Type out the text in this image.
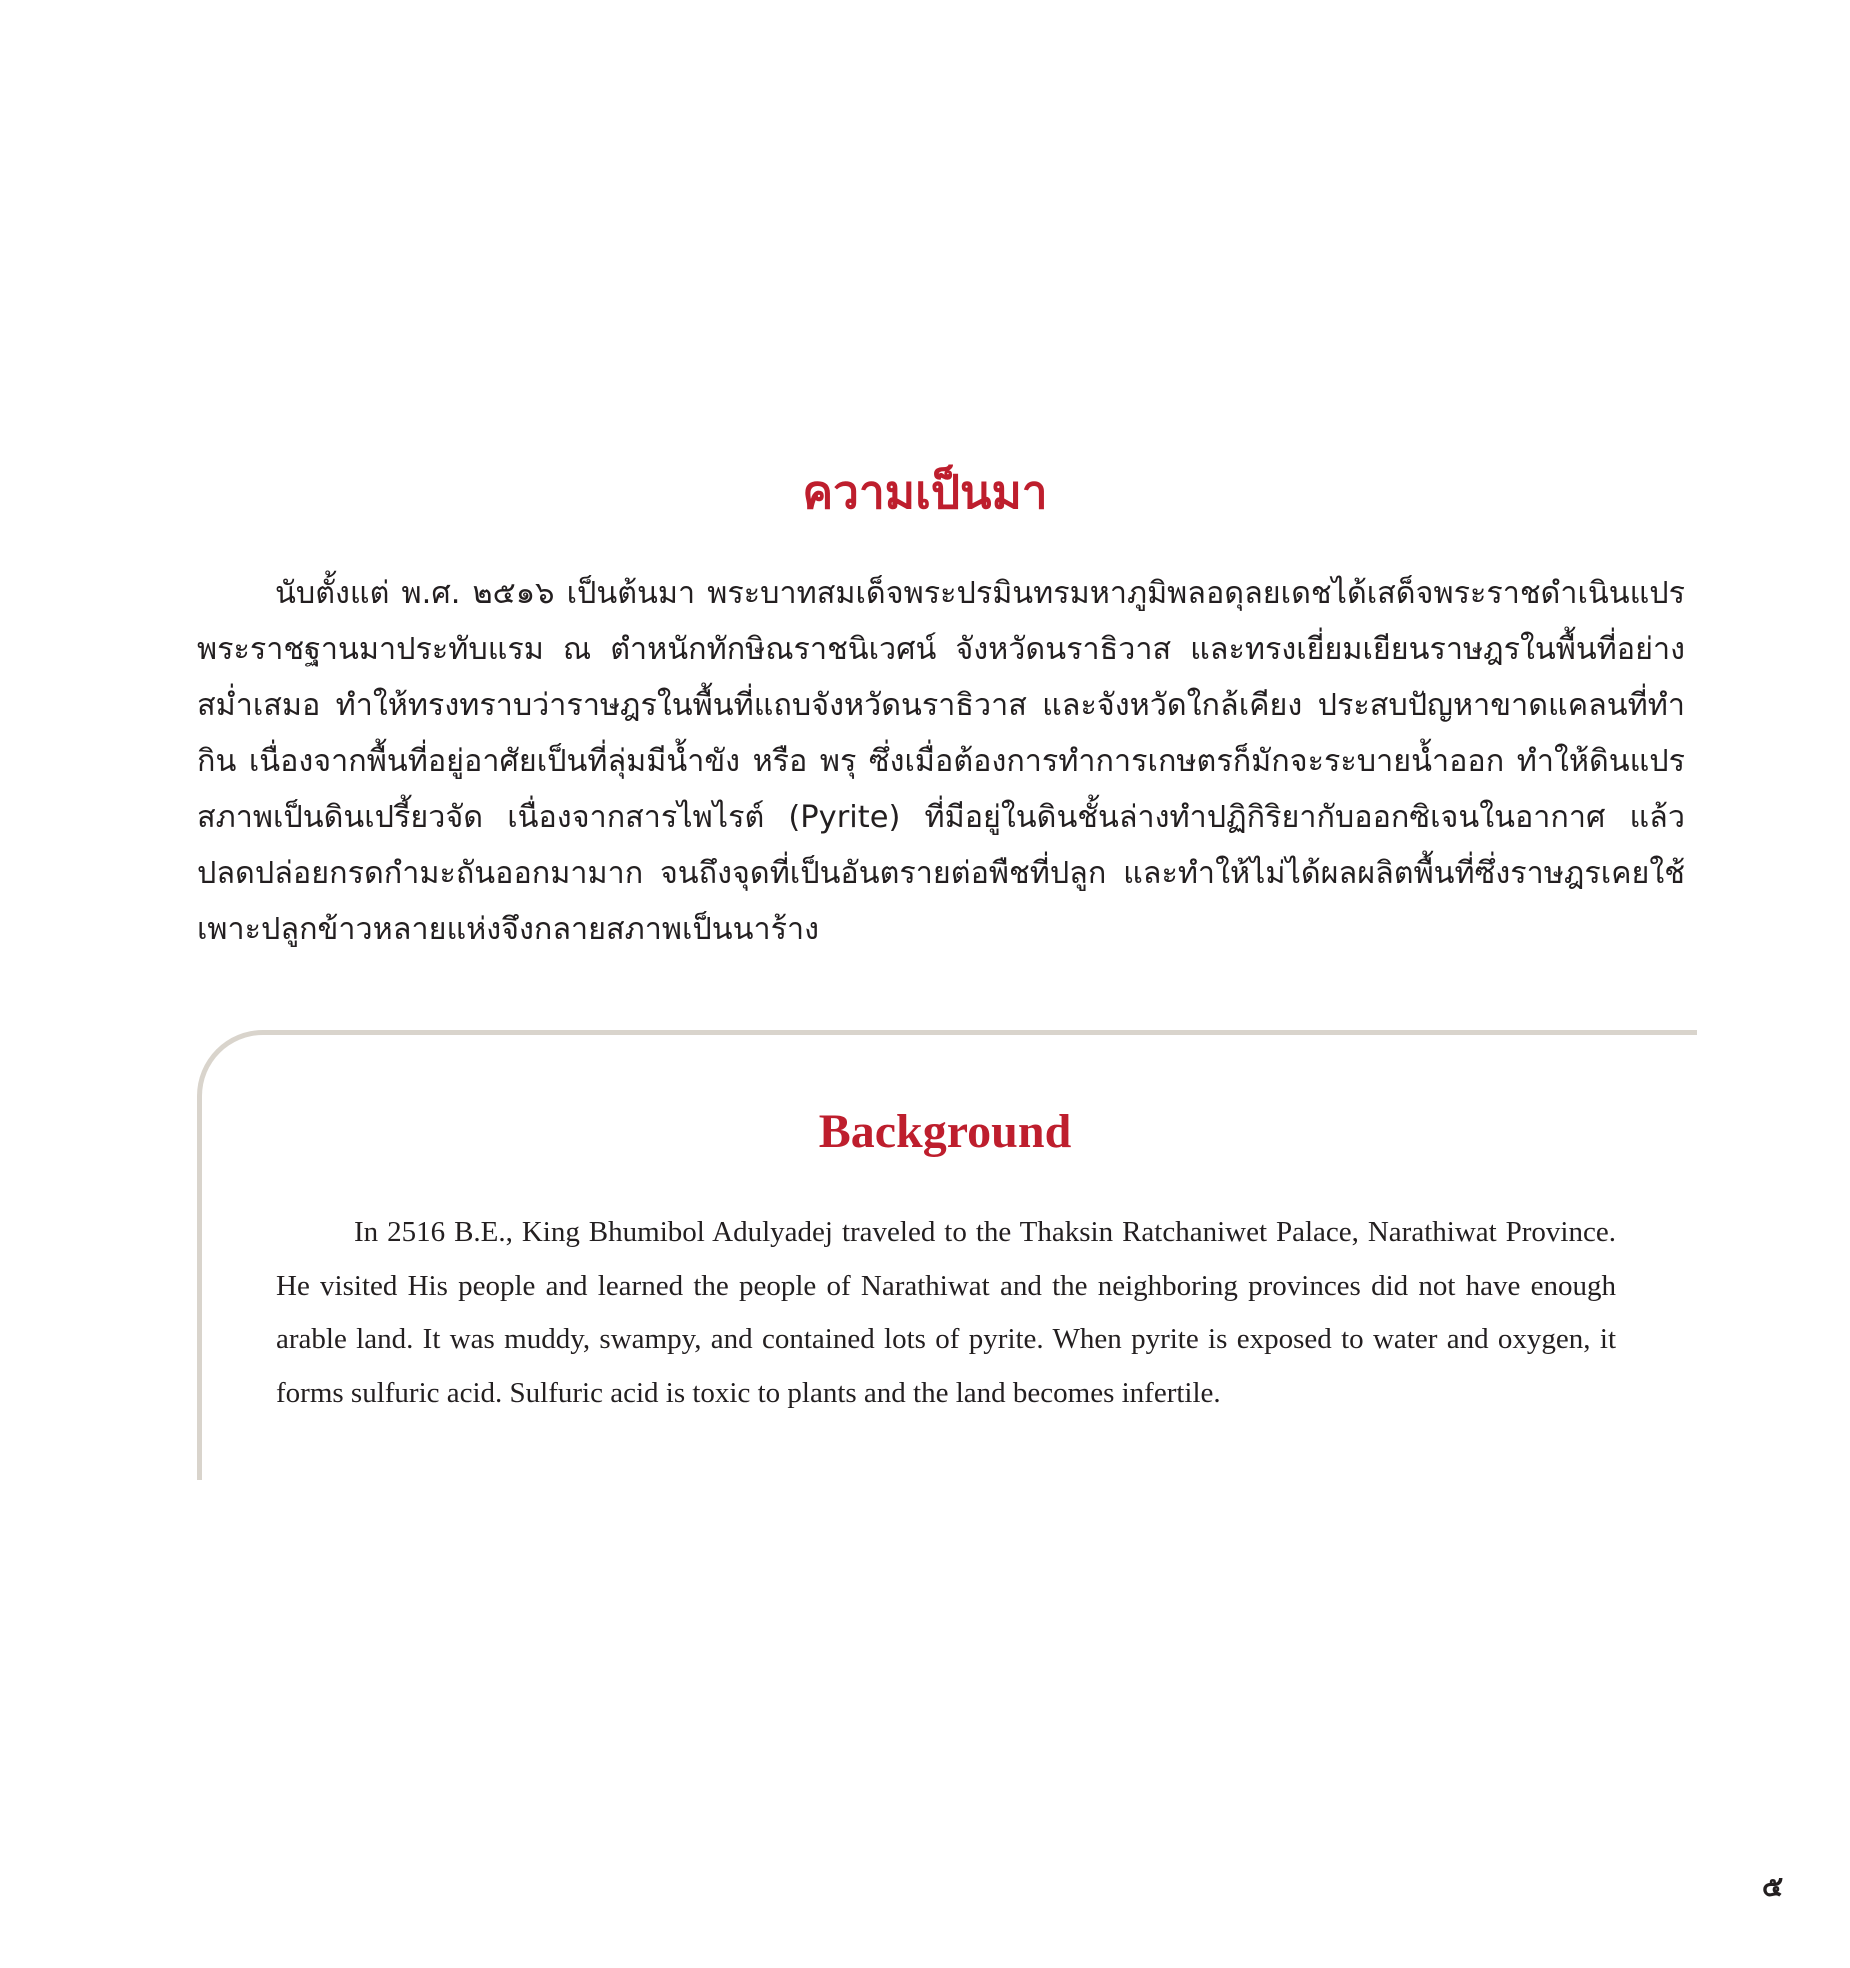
ความเป็นมา

นับตั้งแต่ พ.ศ. ๒๕๑๖ เป็นต้นมา พระบาทสมเด็จพระปรมินทรมหาภูมิพลอดุลยเดชได้เสด็จพระราชดำเนินแปรพระราชฐานมาประทับแรม ณ ตำหนักทักษิณราชนิเวศน์ จังหวัดนราธิวาส และทรงเยี่ยมเยียนราษฎรในพื้นที่อย่างสม่ำเสมอ ทำให้ทรงทราบว่าราษฎรในพื้นที่แถบจังหวัดนราธิวาส และจังหวัดใกล้เคียง ประสบปัญหาขาดแคลนที่ทำกิน เนื่องจากพื้นที่อยู่อาศัยเป็นที่ลุ่มมีน้ำขัง หรือ พรุ ซึ่งเมื่อต้องการทำการเกษตรก็มักจะระบายน้ำออก ทำให้ดินแปรสภาพเป็นดินเปรี้ยวจัด เนื่องจากสารไพไรต์ (Pyrite) ที่มีอยู่ในดินชั้นล่างทำปฏิกิริยากับออกซิเจนในอากาศ แล้วปลดปล่อยกรดกำมะถันออกมามาก จนถึงจุดที่เป็นอันตรายต่อพืชที่ปลูก และทำให้ไม่ได้ผลผลิตพื้นที่ซึ่งราษฎรเคยใช้เพาะปลูกข้าวหลายแห่งจึงกลายสภาพเป็นนาร้าง

Background

In 2516 B.E., King Bhumibol Adulyadej traveled to the Thaksin Ratchaniwet Palace, Narathiwat Province. He visited His people and learned the people of Narathiwat and the neighboring provinces did not have enough arable land. It was muddy, swampy, and contained lots of pyrite. When pyrite is exposed to water and oxygen, it forms sulfuric acid. Sulfuric acid is toxic to plants and the land becomes infertile.

๕
